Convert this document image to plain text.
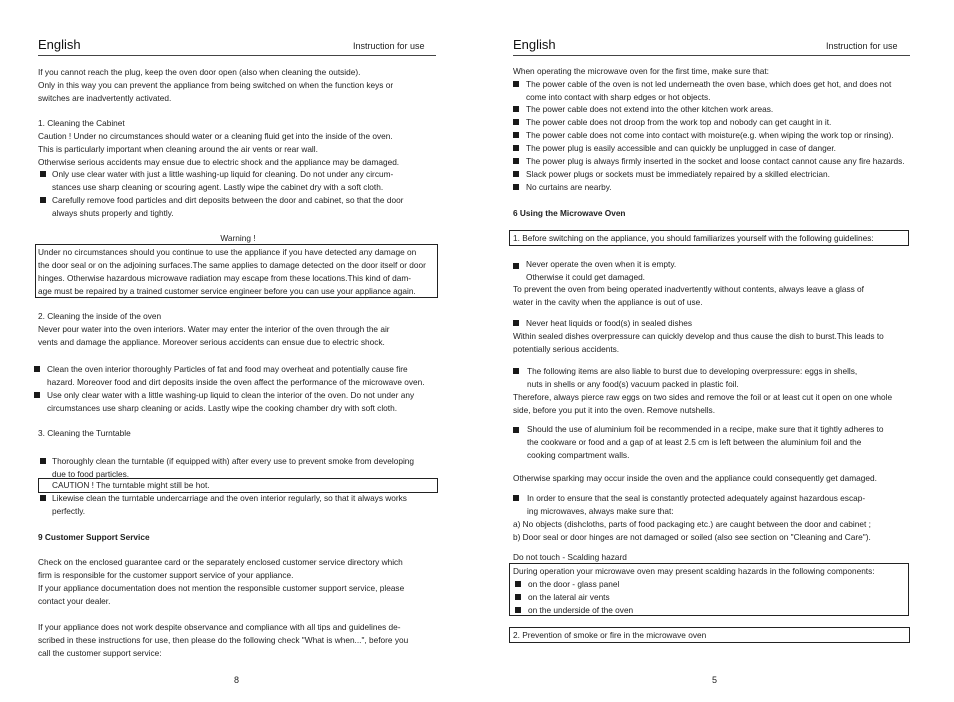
English	Instruction for use
If you cannot reach the plug, keep the oven door open (also when cleaning the outside).
Only in this way you can prevent the appliance from being switched on when the function keys or
switches are inadvertently activated.
1. Cleaning the Cabinet
Caution ! Under no circumstances should water or a cleaning fluid get into the inside of the oven.
This is particularly important when cleaning around the air vents or rear wall.
Otherwise serious accidents may ensue due to electric shock and the appliance may be damaged.
Only use clear water with just a little washing-up liquid for cleaning. Do not under any circum-
stances use sharp cleaning or scouring agent. Lastly wipe the cabinet dry with a soft cloth.
Carefully remove food particles and dirt deposits between the door and cabinet, so that the door
always shuts properly and tightly.
Warning !
Under no circumstances should you continue to use the appliance if you have detected any damage on
the door seal or on the adjoining surfaces.The same applies to damage detected on the door itself or door
hinges. Otherwise hazardous microwave radiation may escape from these locations.This kind of dam-
age must be repaired by a trained customer service engineer before you can use your appliance again.
2. Cleaning the inside of the oven
Never pour water into the oven interiors. Water may enter the interior of the oven through the air
vents and damage the appliance. Moreover serious accidents can ensue due to electric shock.
Clean the oven interior thoroughly Particles of fat and food may overheat and potentially cause fire
hazard. Moreover food and dirt deposits inside the oven affect the performance of the microwave oven.
Use only clear water with a little washing-up liquid to clean the interior of the oven. Do not under any
circumstances use sharp cleaning or acids. Lastly wipe the cooking chamber dry with soft cloth.
3. Cleaning the Turntable
Thoroughly clean the turntable (if equipped with) after every use to prevent smoke from developing
due to food particles.
CAUTION ! The turntable might still be hot.
Likewise clean the turntable undercarriage and the oven interior regularly, so that it always works
perfectly.
9 Customer Support Service
Check on the enclosed guarantee card or the separately enclosed customer service directory which
firm is responsible for the customer support service of your appliance.
If your appliance documentation does not mention the responsible customer support service, please
contact your dealer.
If your appliance does not work despite observance and compliance with all tips and guidelines de-
scribed in these instructions for use, then please do the following check "What is when...", before you
call the customer support service:
8
English	Instruction for use
When operating the microwave oven for the first time, make sure that:
The power cable of the oven is not led underneath the oven base, which does get hot, and does not
come into contact with sharp edges or hot objects.
The power cable does not extend into the other kitchen work areas.
The power cable does not droop from the work top and nobody can get caught in it.
The power cable does not come into contact with moisture(e.g. when wiping the work top or rinsing).
The power plug is easily accessible and can quickly be unplugged in case of danger.
The power plug is always firmly inserted in the socket and loose contact cannot cause any fire hazards.
Slack power plugs or sockets must be immediately repaired by a skilled electrician.
No curtains are nearby.
6 Using the Microwave Oven
1. Before switching on the appliance, you should familiarizes yourself with the following guidelines:
Never operate the oven when it is empty.
Otherwise it could get damaged.
To prevent the oven from being operated inadvertently without contents, always leave a glass of
water in the cavity when the appliance is out of use.
Never heat liquids or food(s) in sealed dishes
Within sealed dishes overpressure can quickly develop and thus cause the dish to burst.This leads to
potentially serious accidents.
The following items are also liable to burst due to developing overpressure: eggs in shells,
nuts in shells or any food(s) vacuum packed in plastic foil.
Therefore, always pierce raw eggs on two sides and remove the foil or at least cut it open on one whole
side, before you put it into the oven. Remove nutshells.
Should the use of aluminium foil be recommended in a recipe, make sure that it tightly adheres to
the cookware or food and a gap of at least 2.5 cm is left between the aluminium foil and the
cooking compartment walls.
Otherwise sparking may occur inside the oven and the appliance could consequently get damaged.
In order to ensure that the seal is constantly protected adequately against hazardous escap-
ing microwaves, always make sure that:
a) No objects (dishcloths, parts of food packaging etc.) are caught between the door and cabinet ;
b) Door seal or door hinges are not damaged or soiled (also see section on "Cleaning and Care").
Do not touch - Scalding hazard
During operation your microwave oven may present scalding hazards in the following components:
on the door - glass panel
on the lateral air vents
on the underside of the oven
2. Prevention of smoke or fire in the microwave oven
5
